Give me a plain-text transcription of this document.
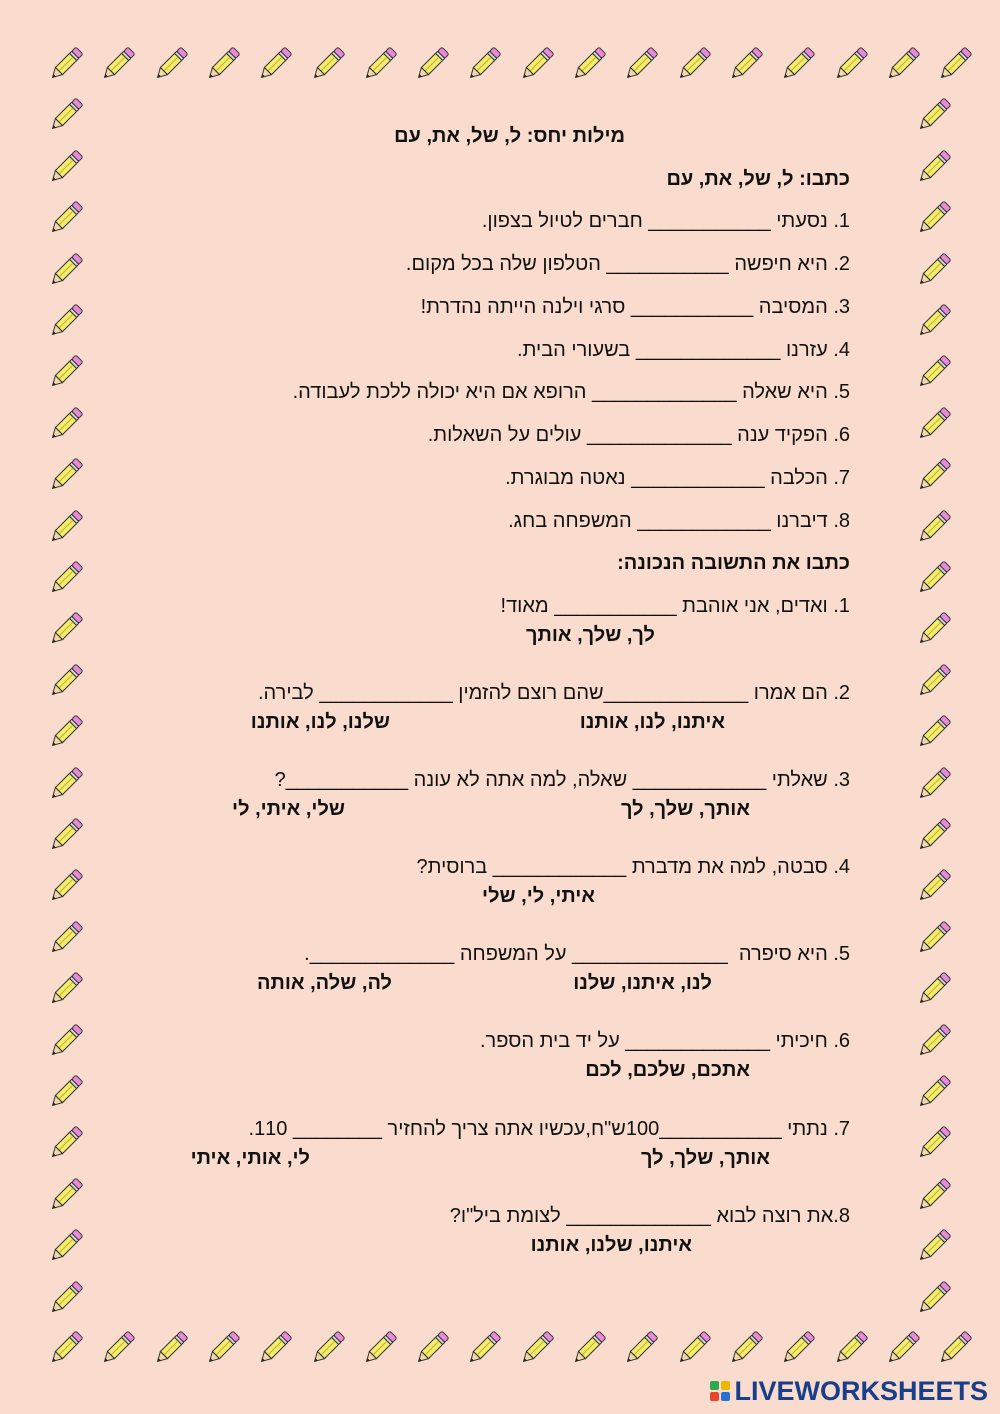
מילות יחס: ל, של, את, עם
כתבו: ל, של, את, עם
1. נסעתי ___________ חברים לטיול בצפון.
2. היא חיפשה ___________ הטלפון שלה בכל מקום.
3. המסיבה ___________ סרגי וילנה הייתה נהדרת!
4. עזרנו _____________ בשעורי הבית.
5. היא שאלה _____________ הרופא אם היא יכולה ללכת לעבודה.
6. הפקיד ענה _____________ עולים על השאלות.
7. הכלבה ____________ נאטה מבוגרת.
8. דיברנו ____________ המשפחה בחג.
כתבו את התשובה הנכונה:
1. ואדים, אני אוהבת ___________ מאוד!
לך, שלך, אותך
2. הם אמרו _____________שהם רוצם להזמין ____________ לבירה.
איתנו, לנו, אותנו
שלנו, לנו, אותנו
3. שאלתי ____________ שאלה, למה אתה לא עונה ___________?
אותך, שלך, לך
שלי, איתי, לי
4. סבטה, למה את מדברת ____________ ברוסית?
איתי, לי, שלי
5. היא סיפרה  ______________ על המשפחה _____________.
לנו, איתנו, שלנו
לה, שלה, אותה
6. חיכיתי _____________ על יד בית הספר.
אתכם, שלכם, לכם
7. נתתי ___________100ש"ח,עכשיו אתה צריך להחזיר ________ 110.
אותך, שלך, לך
לי, אותי, איתי
8.את רוצה לבוא _____________ לצומת ביל"ו?
איתנו, שלנו, אותנו
LIVEWORKSHEETS
